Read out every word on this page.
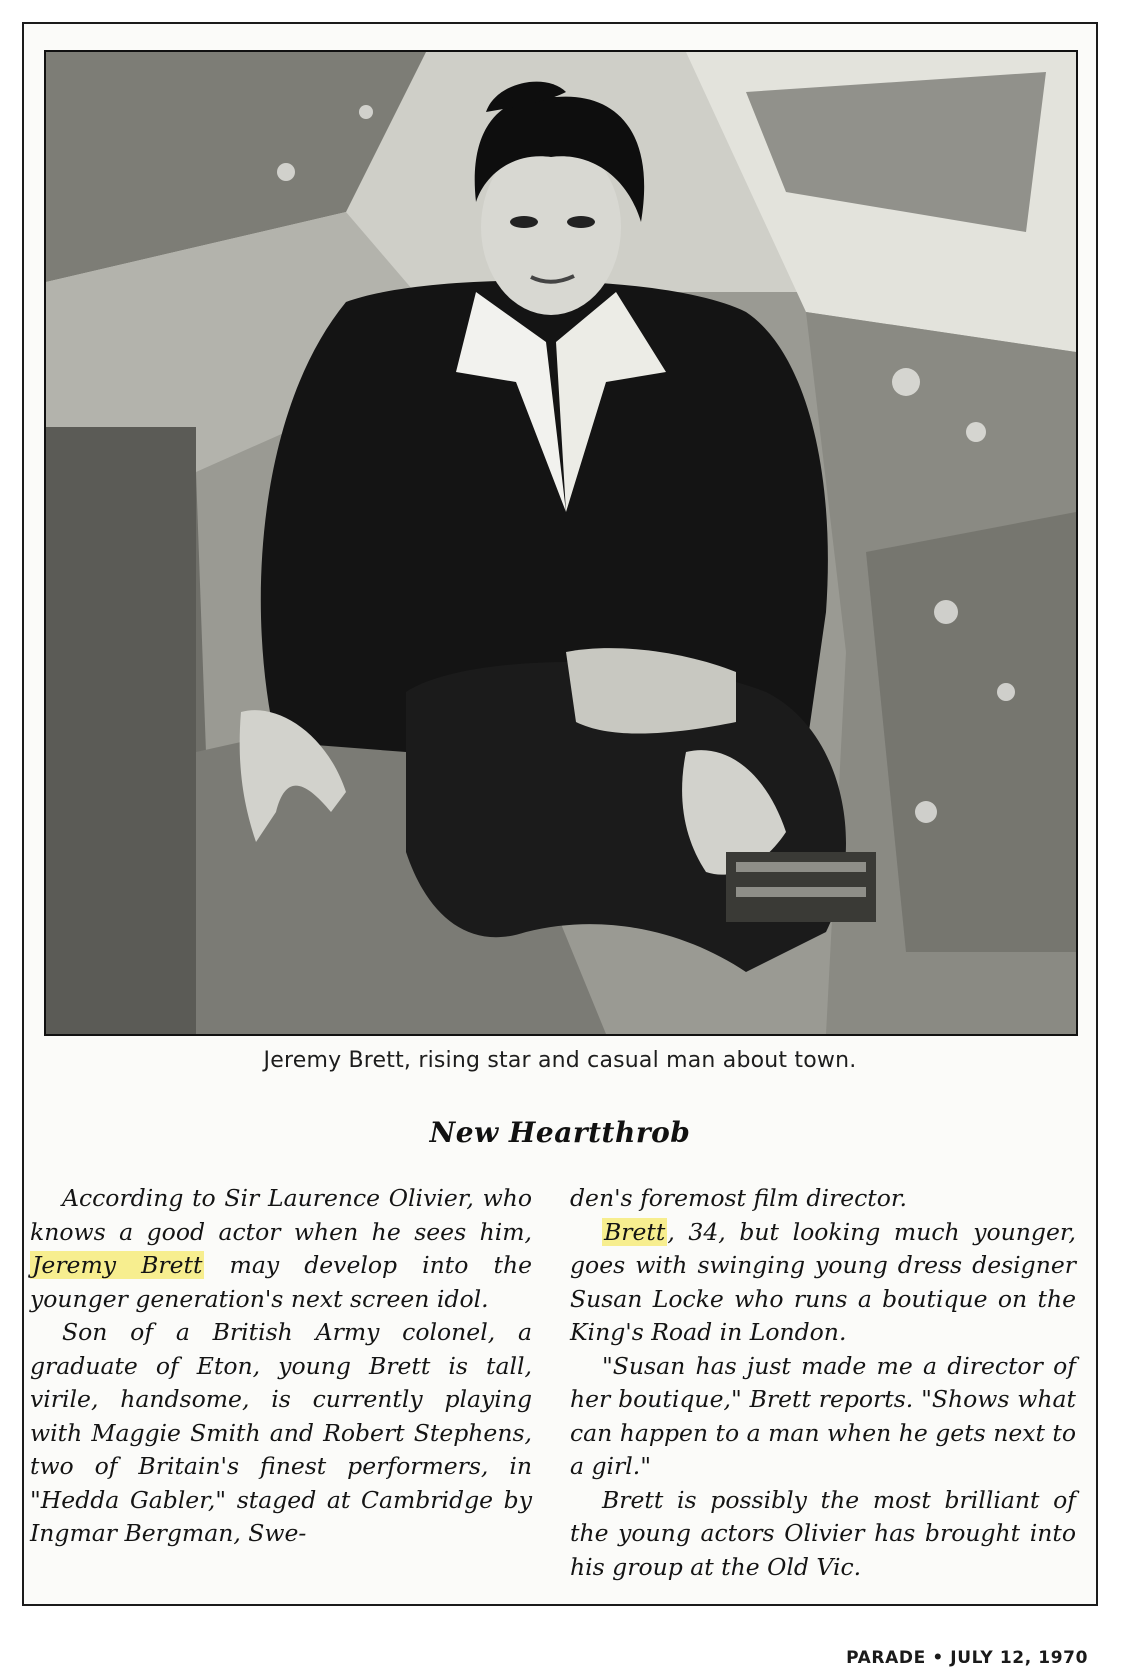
Jeremy Brett, rising star and casual man about town.
New Heartthrob

According to Sir Laurence Olivier, who knows a good actor when he sees him, Jeremy Brett may develop into the younger generation's next screen idol.

Son of a British Army colonel, a graduate of Eton, young Brett is tall, virile, handsome, is currently playing with Maggie Smith and Robert Stephens, two of Britain's finest performers, in "Hedda Gabler," staged at Cambridge by Ingmar Bergman, Swe-

den's foremost film director.

Brett, 34, but looking much younger, goes with swinging young dress designer Susan Locke who runs a boutique on the King's Road in London.

"Susan has just made me a director of her boutique," Brett reports. "Shows what can happen to a man when he gets next to a girl."

Brett is possibly the most brilliant of the young actors Olivier has brought into his group at the Old Vic.

PARADE • JULY 12, 1970
